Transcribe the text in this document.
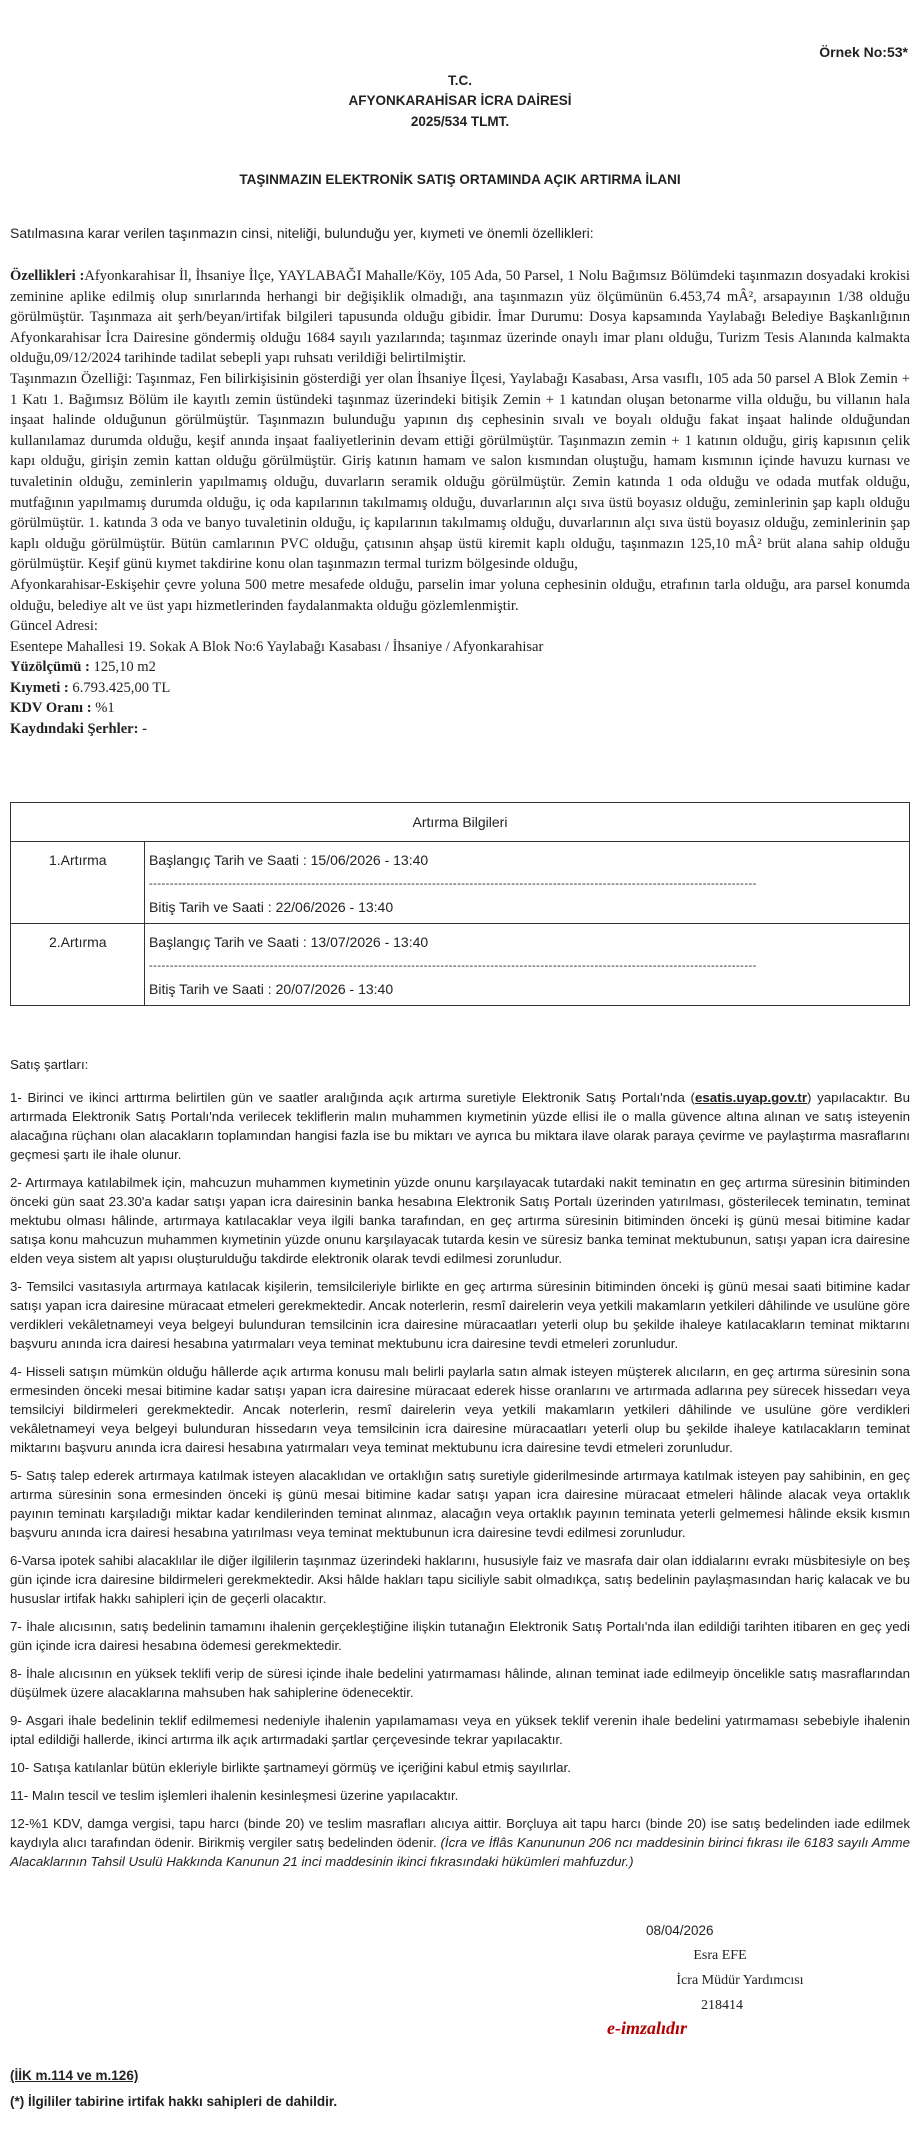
Örnek No:53*
T.C.
AFYONKARAHİSAR İCRA DAİRESİ
2025/534 TLMT.
TAŞINMAZIN ELEKTRONİK SATIŞ ORTAMINDA AÇIK ARTIRMA İLANI
Satılmasına karar verilen taşınmazın cinsi, niteliği, bulunduğu yer, kıymeti ve önemli özellikleri:

Özellikleri :Afyonkarahisar İl, İhsaniye İlçe, YAYLABAĞI Mahalle/Köy, 105 Ada, 50 Parsel, 1 Nolu Bağımsız Bölümdeki taşınmazın dosyadaki krokisi zeminine aplike edilmiş olup sınırlarında herhangi bir değişiklik olmadığı, ana taşınmazın yüz ölçümünün 6.453,74 mÂ², arsapayının 1/38 olduğu görülmüştür. Taşınmaza ait şerh/beyan/irtifak bilgileri tapusunda olduğu gibidir. İmar Durumu: Dosya kapsamında Yaylabağı Belediye Başkanlığının Afyonkarahisar İcra Dairesine göndermiş olduğu 1684 sayılı yazılarında; taşınmaz üzerinde onaylı imar planı olduğu, Turizm Tesis Alanında kalmakta olduğu,09/12/2024 tarihinde tadilat sebepli yapı ruhsatı verildiği belirtilmiştir.

Taşınmazın Özelliği: Taşınmaz, Fen bilirkişisinin gösterdiği yer olan İhsaniye İlçesi, Yaylabağı Kasabası, Arsa vasıflı, 105 ada 50 parsel A Blok Zemin + 1 Katı 1. Bağımsız Bölüm ile kayıtlı zemin üstündeki taşınmaz üzerindeki bitişik Zemin + 1 katından oluşan betonarme villa olduğu, bu villanın hala inşaat halinde olduğunun görülmüştür. Taşınmazın bulunduğu yapının dış cephesinin sıvalı ve boyalı olduğu fakat inşaat halinde olduğundan kullanılamaz durumda olduğu, keşif anında inşaat faaliyetlerinin devam ettiği görülmüştür. Taşınmazın zemin + 1 katının olduğu, giriş kapısının çelik kapı olduğu, girişin zemin kattan olduğu görülmüştür. Giriş katının hamam ve salon kısmından oluştuğu, hamam kısmının içinde havuzu kurnası ve tuvaletinin olduğu, zeminlerin yapılmamış olduğu, duvarların seramik olduğu görülmüştür. Zemin katında 1 oda olduğu ve odada mutfak olduğu, mutfağının yapılmamış durumda olduğu, iç oda kapılarının takılmamış olduğu, duvarlarının alçı sıva üstü boyasız olduğu, zeminlerinin şap kaplı olduğu görülmüştür. 1. katında 3 oda ve banyo tuvaletinin olduğu, iç kapılarının takılmamış olduğu, duvarlarının alçı sıva üstü boyasız olduğu, zeminlerinin şap kaplı olduğu görülmüştür. Bütün camlarının PVC olduğu, çatısının ahşap üstü kiremit kaplı olduğu, taşınmazın 125,10 mÂ² brüt alana sahip olduğu görülmüştür. Keşif günü kıymet takdirine konu olan taşınmazın termal turizm bölgesinde olduğu,

Afyonkarahisar-Eskişehir çevre yoluna 500 metre mesafede olduğu, parselin imar yoluna cephesinin olduğu, etrafının tarla olduğu, ara parsel konumda olduğu, belediye alt ve üst yapı hizmetlerinden faydalanmakta olduğu gözlemlenmiştir.

Güncel Adresi:

Esentepe Mahallesi 19. Sokak A Blok No:6 Yaylabağı Kasabası / İhsaniye / Afyonkarahisar

Yüzölçümü : 125,10 m2

Kıymeti : 6.793.425,00 TL

KDV Oranı : %1

Kaydındaki Şerhler: -

Artırma Bilgileri	
1.Artırma	Başlangıç Tarih ve Saati : 15/06/2026 - 13:40
--------------------------------------------------------------------------------------------------------------------------------------------------
Bitiş Tarih ve Saati : 22/06/2026 - 13:40

2.Artırma	Başlangıç Tarih ve Saati : 13/07/2026 - 13:40
--------------------------------------------------------------------------------------------------------------------------------------------------
Bitiş Tarih ve Saati : 20/07/2026 - 13:40

Satış şartları:

1- Birinci ve ikinci arttırma belirtilen gün ve saatler aralığında açık artırma suretiyle Elektronik Satış Portalı'nda (esatis.uyap.gov.tr) yapılacaktır. Bu artırmada Elektronik Satış Portalı'nda verilecek tekliflerin malın muhammen kıymetinin yüzde ellisi ile o malla güvence altına alınan ve satış isteyenin alacağına rüçhanı olan alacakların toplamından hangisi fazla ise bu miktarı ve ayrıca bu miktara ilave olarak paraya çevirme ve paylaştırma masraflarını geçmesi şartı ile ihale olunur.

2- Artırmaya katılabilmek için, mahcuzun muhammen kıymetinin yüzde onunu karşılayacak tutardaki nakit teminatın en geç artırma süresinin bitiminden önceki gün saat 23.30'a kadar satışı yapan icra dairesinin banka hesabına Elektronik Satış Portalı üzerinden yatırılması, gösterilecek teminatın, teminat mektubu olması hâlinde, artırmaya katılacaklar veya ilgili banka tarafından, en geç artırma süresinin bitiminden önceki iş günü mesai bitimine kadar satışa konu mahcuzun muhammen kıymetinin yüzde onunu karşılayacak tutarda kesin ve süresiz banka teminat mektubunun, satışı yapan icra dairesine elden veya sistem alt yapısı oluşturulduğu takdirde elektronik olarak tevdi edilmesi zorunludur.

3- Temsilci vasıtasıyla artırmaya katılacak kişilerin, temsilcileriyle birlikte en geç artırma süresinin bitiminden önceki iş günü mesai saati bitimine kadar satışı yapan icra dairesine müracaat etmeleri gerekmektedir. Ancak noterlerin, resmî dairelerin veya yetkili makamların yetkileri dâhilinde ve usulüne göre verdikleri vekâletnameyi veya belgeyi bulunduran temsilcinin icra dairesine müracaatları yeterli olup bu şekilde ihaleye katılacakların teminat miktarını başvuru anında icra dairesi hesabına yatırmaları veya teminat mektubunu icra dairesine tevdi etmeleri zorunludur.

4- Hisseli satışın mümkün olduğu hâllerde açık artırma konusu malı belirli paylarla satın almak isteyen müşterek alıcıların, en geç artırma süresinin sona ermesinden önceki mesai bitimine kadar satışı yapan icra dairesine müracaat ederek hisse oranlarını ve artırmada adlarına pey sürecek hissedarı veya temsilciyi bildirmeleri gerekmektedir. Ancak noterlerin, resmî dairelerin veya yetkili makamların yetkileri dâhilinde ve usulüne göre verdikleri vekâletnameyi veya belgeyi bulunduran hissedarın veya temsilcinin icra dairesine müracaatları yeterli olup bu şekilde ihaleye katılacakların teminat miktarını başvuru anında icra dairesi hesabına yatırmaları veya teminat mektubunu icra dairesine tevdi etmeleri zorunludur.

5- Satış talep ederek artırmaya katılmak isteyen alacaklıdan ve ortaklığın satış suretiyle giderilmesinde artırmaya katılmak isteyen pay sahibinin, en geç artırma süresinin sona ermesinden önceki iş günü mesai bitimine kadar satışı yapan icra dairesine müracaat etmeleri hâlinde alacak veya ortaklık payının teminatı karşıladığı miktar kadar kendilerinden teminat alınmaz, alacağın veya ortaklık payının teminata yeterli gelmemesi hâlinde eksik kısmın başvuru anında icra dairesi hesabına yatırılması veya teminat mektubunun icra dairesine tevdi edilmesi zorunludur.

6-Varsa ipotek sahibi alacaklılar ile diğer ilgililerin taşınmaz üzerindeki haklarını, hususiyle faiz ve masrafa dair olan iddialarını evrakı müsbitesiyle on beş gün içinde icra dairesine bildirmeleri gerekmektedir. Aksi hâlde hakları tapu siciliyle sabit olmadıkça, satış bedelinin paylaşmasından hariç kalacak ve bu hususlar irtifak hakkı sahipleri için de geçerli olacaktır.

7- İhale alıcısının, satış bedelinin tamamını ihalenin gerçekleştiğine ilişkin tutanağın Elektronik Satış Portalı'nda ilan edildiği tarihten itibaren en geç yedi gün içinde icra dairesi hesabına ödemesi gerekmektedir.

8- İhale alıcısının en yüksek teklifi verip de süresi içinde ihale bedelini yatırmaması hâlinde, alınan teminat iade edilmeyip öncelikle satış masraflarından düşülmek üzere alacaklarına mahsuben hak sahiplerine ödenecektir.

9- Asgari ihale bedelinin teklif edilmemesi nedeniyle ihalenin yapılamaması veya en yüksek teklif verenin ihale bedelini yatırmaması sebebiyle ihalenin iptal edildiği hallerde, ikinci artırma ilk açık artırmadaki şartlar çerçevesinde tekrar yapılacaktır.

10- Satışa katılanlar bütün ekleriyle birlikte şartnameyi görmüş ve içeriğini kabul etmiş sayılırlar.

11- Malın tescil ve teslim işlemleri ihalenin kesinleşmesi üzerine yapılacaktır.

12-%1 KDV, damga vergisi, tapu harcı (binde 20) ve teslim masrafları alıcıya aittir. Borçluya ait tapu harcı (binde 20) ise satış bedelinden iade edilmek kaydıyla alıcı tarafından ödenir. Birikmiş vergiler satış bedelinden ödenir. (İcra ve İflâs Kanununun 206 ncı maddesinin birinci fıkrası ile 6183 sayılı Amme Alacaklarının Tahsil Usulü Hakkında Kanunun 21 inci maddesinin ikinci fıkrasındaki hükümleri mahfuzdur.)

08/04/2026
Esra EFE
İcra Müdür Yardımcısı
218414
e-imzalıdır
(İİK m.114 ve m.126)
(*) İlgililer tabirine irtifak hakkı sahipleri de dahildir.
